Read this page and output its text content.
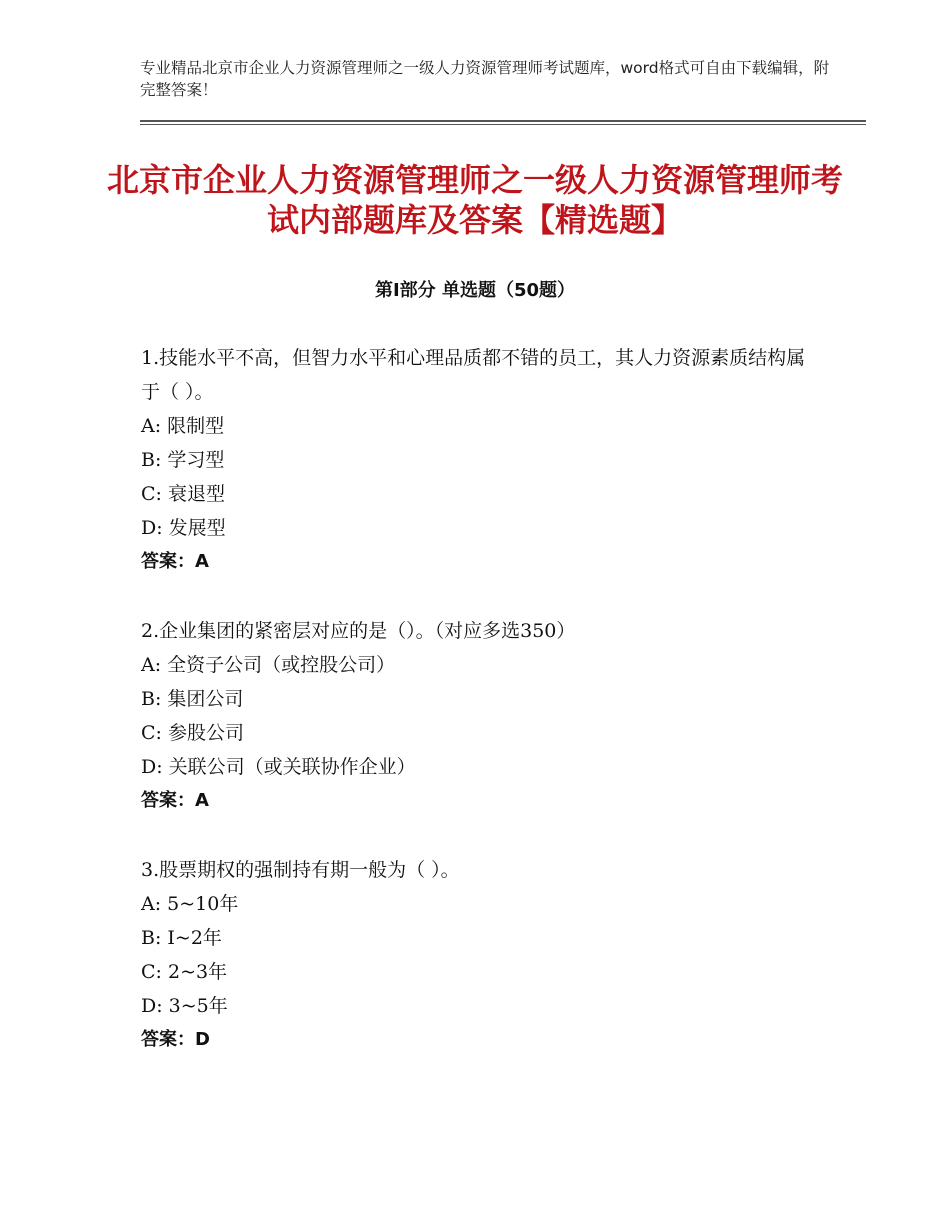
专业精品北京市企业人力资源管理师之一级人力资源管理师考试题库，word格式可自由下载编辑，附完整答案！
北京市企业人力资源管理师之一级人力资源管理师考试内部题库及答案【精选题】
第Ⅰ部分 单选题（50题）
1.技能水平不高，但智力水平和心理品质都不错的员工，其人力资源素质结构属 于（ ）。
A: 限制型
B: 学习型
C: 衰退型
D: 发展型
答案：A
2.企业集团的紧密层对应的是（）。（对应多选350）
A: 全资子公司（或控股公司）
B: 集团公司
C: 参股公司
D: 关联公司（或关联协作企业）
答案：A
3.股票期权的强制持有期一般为（ ）。
A: 5~10年
B: I~2年
C: 2~3年
D: 3~5年
答案：D
